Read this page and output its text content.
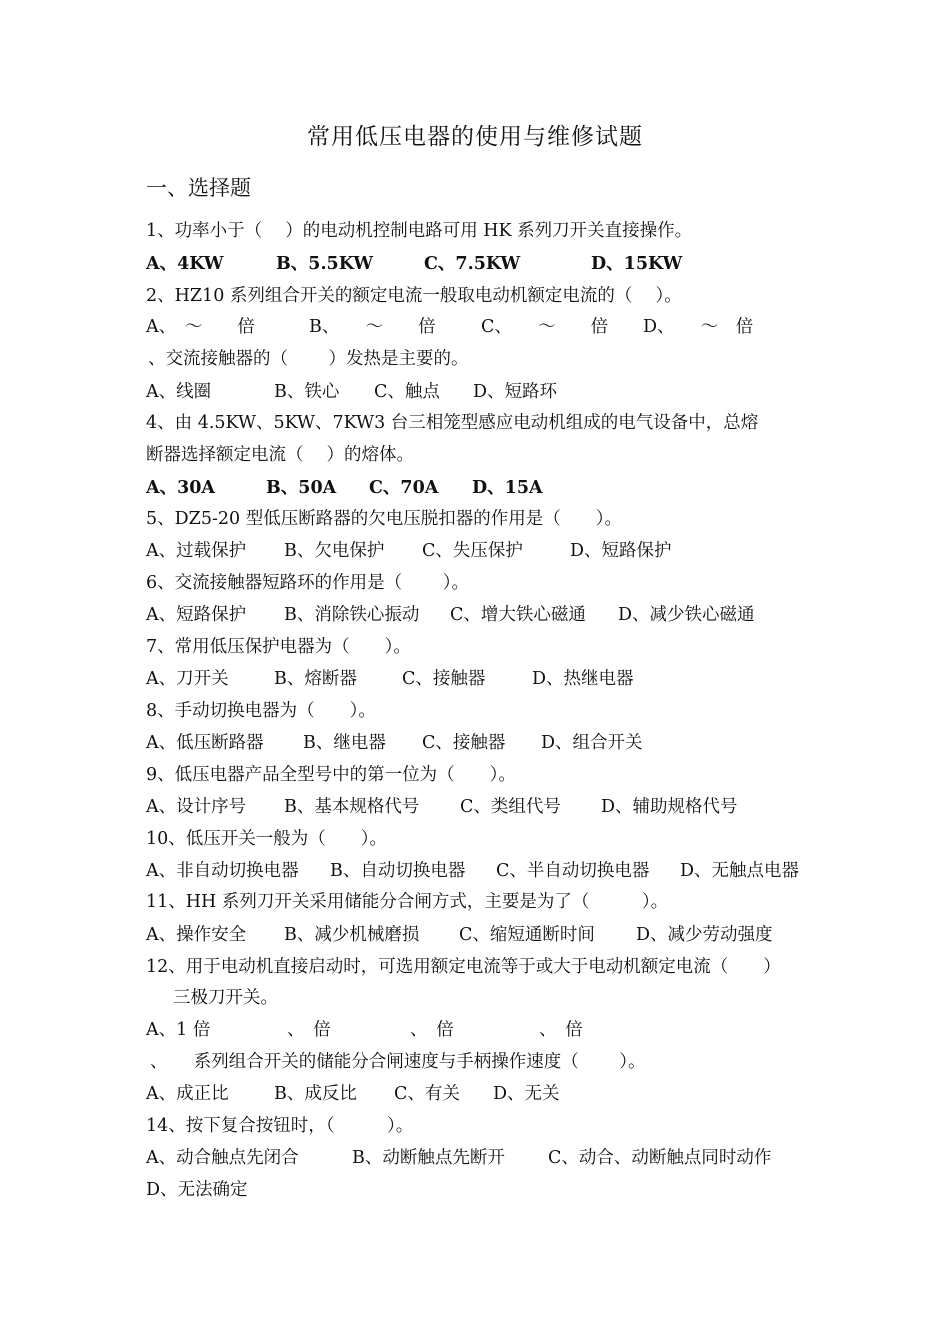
常用低压电器的使用与维修试题
一、选择题
1、功率小于（　 ）的电动机控制电路可用 HK 系列刀开关直接操作。
A、4KW	B、5.5KW	C、7.5KW	D、15KW
2、HZ10 系列组合开关的额定电流一般取电动机额定电流的（　 ）。
A、　～　　倍	B、　　～　　倍	C、　　～　　倍 D、　　～　倍
、交流接触器的（　　 ）发热是主要的。
A、线圈	B、铁心 C、触点 D、短路环
4、由 4.5KW、5KW、7KW3 台三相笼型感应电动机组成的电气设备中，总熔
断器选择额定电流（　 ）的熔体。
A、30A	B、50A C、70A D、15A
5、DZ5-20 型低压断路器的欠电压脱扣器的作用是（　　）。
A、过载保护 B、欠电保护 C、失压保护	D、短路保护
6、交流接触器短路环的作用是（　　 ）。
A、短路保护 B、消除铁心振动 C、增大铁心磁通 D、减少铁心磁通
7、常用低压保护电器为（　　）。
A、刀开关	B、熔断器	C、接触器	D、热继电器
8、手动切换电器为（　　）。
A、低压断路器 B、继电器 C、接触器 D、组合开关
9、低压电器产品全型号中的第一位为（　　）。
A、设计序号 B、基本规格代号 C、类组代号 D、辅助规格代号
10、低压开关一般为（　　）。
A、非自动切换电器 B、自动切换电器 C、半自动切换电器 D、无触点电器
11、HH 系列刀开关采用储能分合闸方式，主要是为了（　　　）。
A、操作安全 B、减少机械磨损 C、缩短通断时间 D、减少劳动强度
12、用于电动机直接启动时，可选用额定电流等于或大于电动机额定电流（　　）
三极刀开关。
A、1 倍	、　倍	、　倍	、　倍
、　　系列组合开关的储能分合闸速度与手柄操作速度（　　 ）。
A、成正比	B、成反比 C、有关 D、无关
14、按下复合按钮时，（　　　）。
A、动合触点先闭合	B、动断触点先断开 C、动合、动断触点同时动作
D、无法确定
